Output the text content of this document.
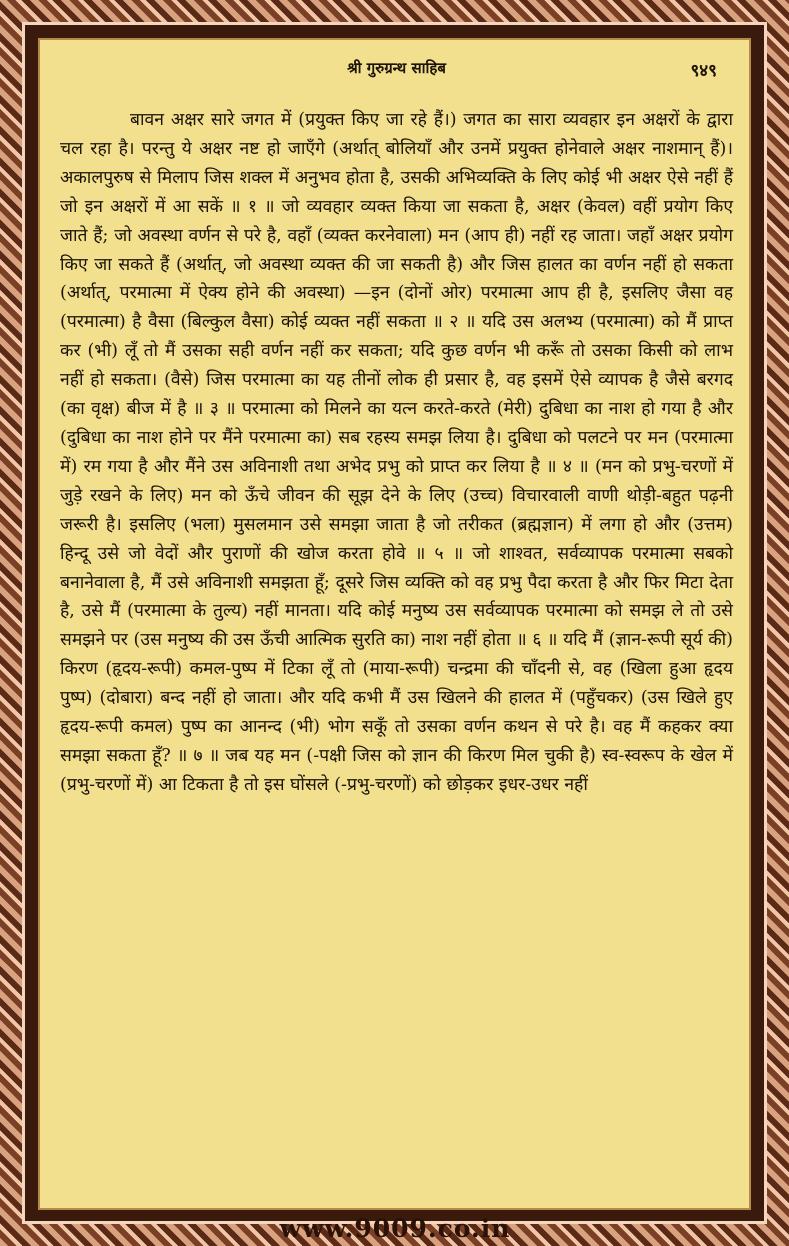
श्री गुरुग्रन्थ साहिब	९४९

बावन अक्षर सारे जगत में (प्रयुक्त किए जा रहे हैं।) जगत का सारा व्यवहार इन अक्षरों के द्वारा चल रहा है। परन्तु ये अक्षर नष्ट हो जाएँगे (अर्थात् बोलियाँ और उनमें प्रयुक्त होनेवाले अक्षर नाशमान् हैं)। अकालपुरुष से मिलाप जिस शक्ल में अनुभव होता है, उसकी अभिव्यक्ति के लिए कोई भी अक्षर ऐसे नहीं हैं जो इन अक्षरों में आ सकें ॥ १ ॥ जो व्यवहार व्यक्त किया जा सकता है, अक्षर (केवल) वहीं प्रयोग किए जाते हैं; जो अवस्था वर्णन से परे है, वहाँ (व्यक्त करनेवाला) मन (आप ही) नहीं रह जाता। जहाँ अक्षर प्रयोग किए जा सकते हैं (अर्थात्, जो अवस्था व्यक्त की जा सकती है) और जिस हालत का वर्णन नहीं हो सकता (अर्थात्, परमात्मा में ऐक्य होने की अवस्था) —इन (दोनों ओर) परमात्मा आप ही है, इसलिए जैसा वह (परमात्मा) है वैसा (बिल्कुल वैसा) कोई व्यक्त नहीं सकता ॥ २ ॥ यदि उस अलभ्य (परमात्मा) को मैं प्राप्त कर (भी) लूँ तो मैं उसका सही वर्णन नहीं कर सकता; यदि कुछ वर्णन भी करूँ तो उसका किसी को लाभ नहीं हो सकता। (वैसे) जिस परमात्मा का यह तीनों लोक ही प्रसार है, वह इसमें ऐसे व्यापक है जैसे बरगद (का वृक्ष) बीज में है ॥ ३ ॥ परमात्मा को मिलने का यत्न करते-करते (मेरी) दुबिधा का नाश हो गया है और (दुबिधा का नाश होने पर मैंने परमात्मा का) सब रहस्य समझ लिया है। दुबिधा को पलटने पर मन (परमात्मा में) रम गया है और मैंने उस अविनाशी तथा अभेद प्रभु को प्राप्त कर लिया है ॥ ४ ॥ (मन को प्रभु-चरणों में जुड़े रखने के लिए) मन को ऊँचे जीवन की सूझ देने के लिए (उच्च) विचारवाली वाणी थोड़ी-बहुत पढ़नी जरूरी है। इसलिए (भला) मुसलमान उसे समझा जाता है जो तरीकत (ब्रह्मज्ञान) में लगा हो और (उत्तम) हिन्दू उसे जो वेदों और पुराणों की खोज करता होवे ॥ ५ ॥ जो शाश्वत, सर्वव्यापक परमात्मा सबको बनानेवाला है, मैं उसे अविनाशी समझता हूँ; दूसरे जिस व्यक्ति को वह प्रभु पैदा करता है और फिर मिटा देता है, उसे मैं (परमात्मा के तुल्य) नहीं मानता। यदि कोई मनुष्य उस सर्वव्यापक परमात्मा को समझ ले तो उसे समझने पर (उस मनुष्य की उस ऊँची आत्मिक सुरति का) नाश नहीं होता ॥ ६ ॥ यदि मैं (ज्ञान-रूपी सूर्य की) किरण (हृदय-रूपी) कमल-पुष्प में टिका लूँ तो (माया-रूपी) चन्द्रमा की चाँदनी से, वह (खिला हुआ हृदय पुष्प) (दोबारा) बन्द नहीं हो जाता। और यदि कभी मैं उस खिलने की हालत में (पहुँचकर) (उस खिले हुए हृदय-रूपी कमल) पुष्प का आनन्द (भी) भोग सकूँ तो उसका वर्णन कथन से परे है। वह मैं कहकर क्या समझा सकता हूँ? ॥ ७ ॥ जब यह मन (-पक्षी जिस को ज्ञान की किरण मिल चुकी है) स्व-स्वरूप के खेल में (प्रभु-चरणों में) आ टिकता है तो इस घोंसले (-प्रभु-चरणों) को छोड़कर इधर-उधर नहीं

www.9009.co.in
